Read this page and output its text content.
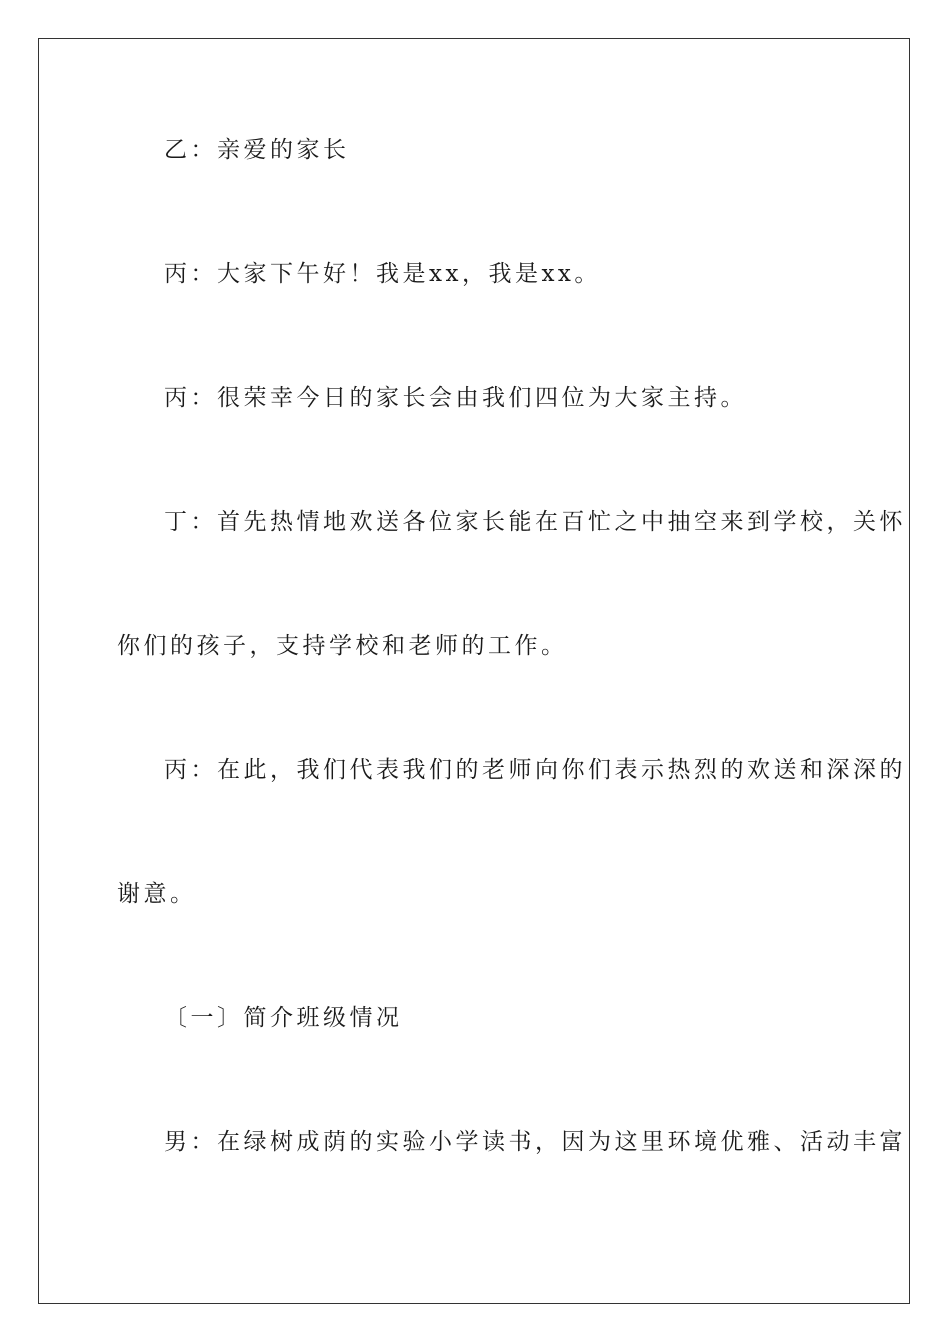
乙：亲爱的家长
丙：大家下午好！我是xx，我是xx。
丙：很荣幸今日的家长会由我们四位为大家主持。
丁：首先热情地欢送各位家长能在百忙之中抽空来到学校，关怀
你们的孩子，支持学校和老师的工作。
丙：在此，我们代表我们的老师向你们表示热烈的欢送和深深的
谢意。
〔一〕简介班级情况
男：在绿树成荫的实验小学读书，因为这里环境优雅、活动丰富
